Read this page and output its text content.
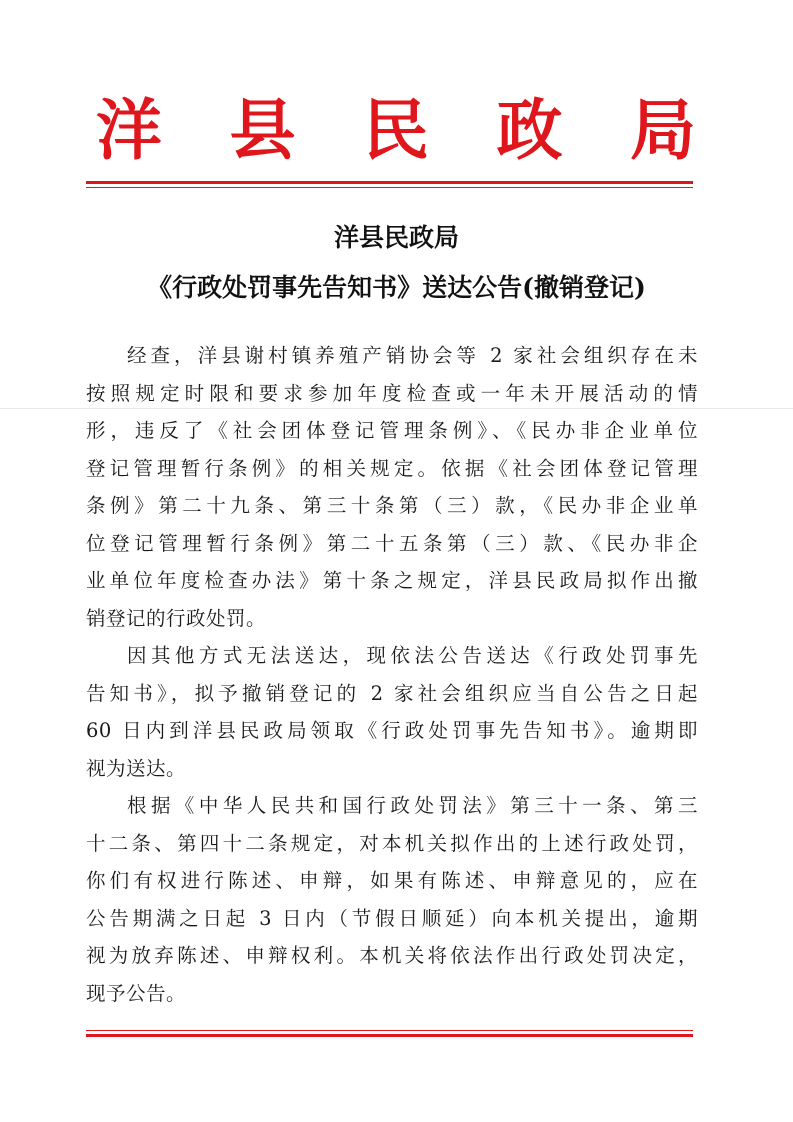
洋 县 民 政 局
洋县民政局
《行政处罚事先告知书》送达公告(撤销登记)
经查，洋县谢村镇养殖产销协会等 2 家社会组织存在未
按照规定时限和要求参加年度检查或一年未开展活动的情
形，违反了《社会团体登记管理条例》、《民办非企业单位
登记管理暂行条例》的相关规定。依据《社会团体登记管理
条例》第二十九条、第三十条第（三）款，《民办非企业单
位登记管理暂行条例》第二十五条第（三）款、《民办非企
业单位年度检查办法》第十条之规定，洋县民政局拟作出撤
销登记的行政处罚。
因其他方式无法送达，现依法公告送达《行政处罚事先
告知书》，拟予撤销登记的 2 家社会组织应当自公告之日起
60 日内到洋县民政局领取《行政处罚事先告知书》。逾期即
视为送达。
根据《中华人民共和国行政处罚法》第三十一条、第三
十二条、第四十二条规定，对本机关拟作出的上述行政处罚，
你们有权进行陈述、申辩，如果有陈述、申辩意见的，应在
公告期满之日起 3 日内（节假日顺延）向本机关提出，逾期
视为放弃陈述、申辩权利。本机关将依法作出行政处罚决定，
现予公告。
